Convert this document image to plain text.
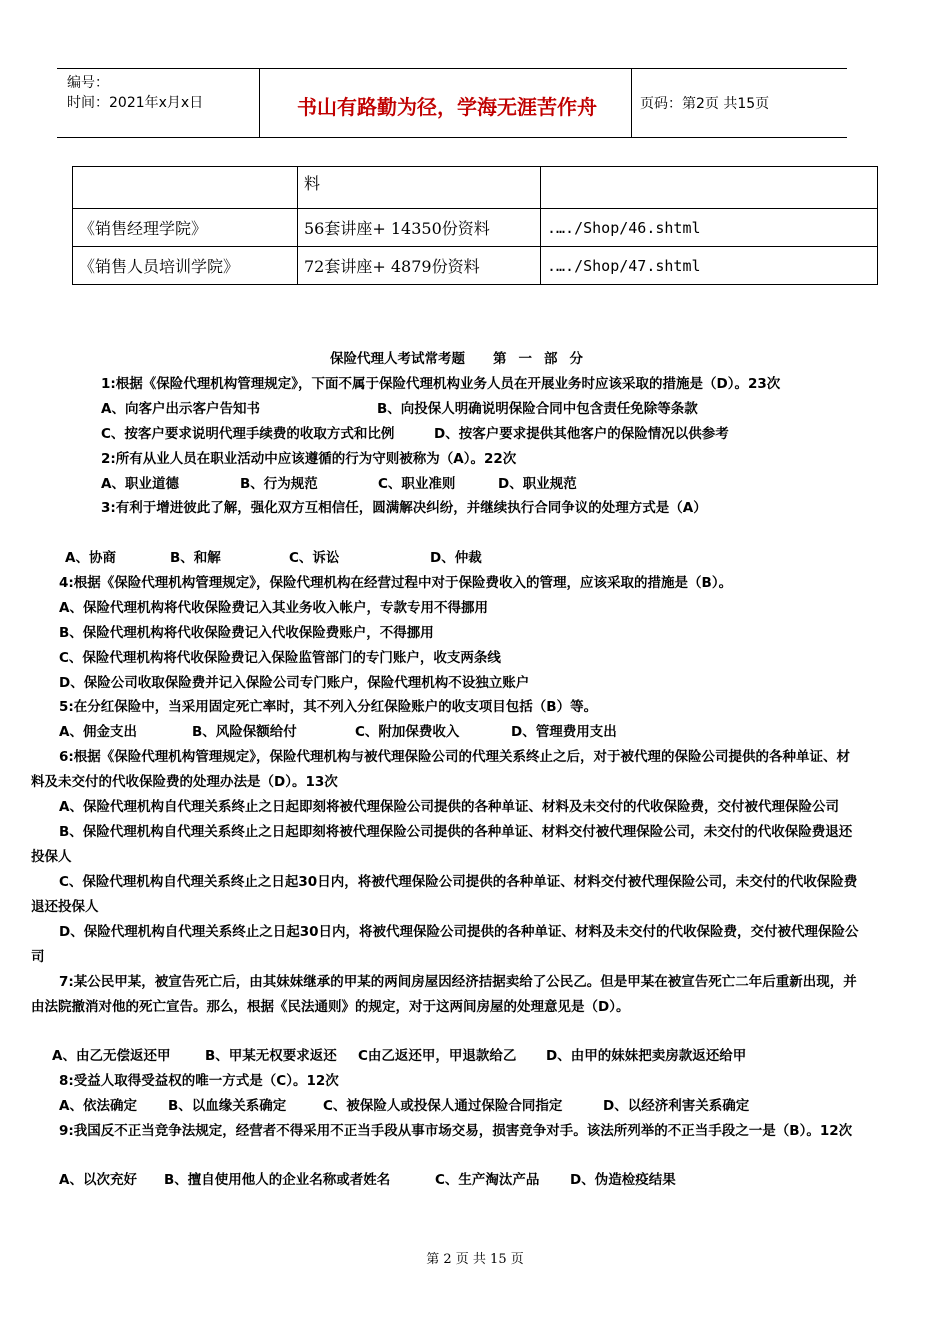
编号：
时间：2021年x月x日	书山有路勤为径，学海无涯苦作舟	页码：第2页 共15页
	料	
《销售经理学院》	56套讲座+ 14350份资料	.…./Shop/46.shtml
《销售人员培训学院》	72套讲座+ 4879份资料	.…./Shop/47.shtml
保险代理人考试常考题 第一部分
1:根据《保险代理机构管理规定》，下面不属于保险代理机构业务人员在开展业务时应该采取的措施是（D）。23次
A、向客户出示客户告知书	B、向投保人明确说明保险合同中包含责任免除等条款
C、按客户要求说明代理手续费的收取方式和比例	D、按客户要求提供其他客户的保险情况以供参考
2:所有从业人员在职业活动中应该遵循的行为守则被称为（A）。22次
A、职业道德	B、行为规范	C、职业准则	D、职业规范
3:有利于增进彼此了解，强化双方互相信任，圆满解决纠纷，并继续执行合同争议的处理方式是（A）
A、协商	B、和解	C、诉讼	D、仲裁
4:根据《保险代理机构管理规定》，保险代理机构在经营过程中对于保险费收入的管理，应该采取的措施是（B）。
A、保险代理机构将代收保险费记入其业务收入帐户，专款专用不得挪用
B、保险代理机构将代收保险费记入代收保险费账户，不得挪用
C、保险代理机构将代收保险费记入保险监管部门的专门账户，收支两条线
D、保险公司收取保险费并记入保险公司专门账户，保险代理机构不设独立账户
5:在分红保险中，当采用固定死亡率时，其不列入分红保险账户的收支项目包括（B）等。
A、佣金支出	B、风险保额给付	C、附加保费收入	D、管理费用支出
6:根据《保险代理机构管理规定》，保险代理机构与被代理保险公司的代理关系终止之后，对于被代理的保险公司提供的各种单证、材
料及未交付的代收保险费的处理办法是（D）。13次
A、保险代理机构自代理关系终止之日起即刻将被代理保险公司提供的各种单证、材料及未交付的代收保险费，交付被代理保险公司
B、保险代理机构自代理关系终止之日起即刻将被代理保险公司提供的各种单证、材料交付被代理保险公司，未交付的代收保险费退还
投保人
C、保险代理机构自代理关系终止之日起30日内，将被代理保险公司提供的各种单证、材料交付被代理保险公司，未交付的代收保险费
退还投保人
D、保险代理机构自代理关系终止之日起30日内，将被代理保险公司提供的各种单证、材料及未交付的代收保险费，交付被代理保险公
司
7:某公民甲某，被宣告死亡后，由其妹妹继承的甲某的两间房屋因经济拮据卖给了公民乙。但是甲某在被宣告死亡二年后重新出现，并
由法院撤消对他的死亡宣告。那么，根据《民法通则》的规定，对于这两间房屋的处理意见是（D）。
A、由乙无偿返还甲	B、甲某无权要求返还 C由乙返还甲，甲退款给乙 D、由甲的妹妹把卖房款返还给甲
8:受益人取得受益权的唯一方式是（C）。12次
A、依法确定 B、以血缘关系确定	C、被保险人或投保人通过保险合同指定	D、以经济利害关系确定
9:我国反不正当竞争法规定，经营者不得采用不正当手段从事市场交易，损害竞争对手。该法所列举的不正当手段之一是（B）。12次
A、以次充好 B、擅自使用他人的企业名称或者姓名	C、生产淘汰产品 D、伪造检疫结果
第 2 页 共 15 页
